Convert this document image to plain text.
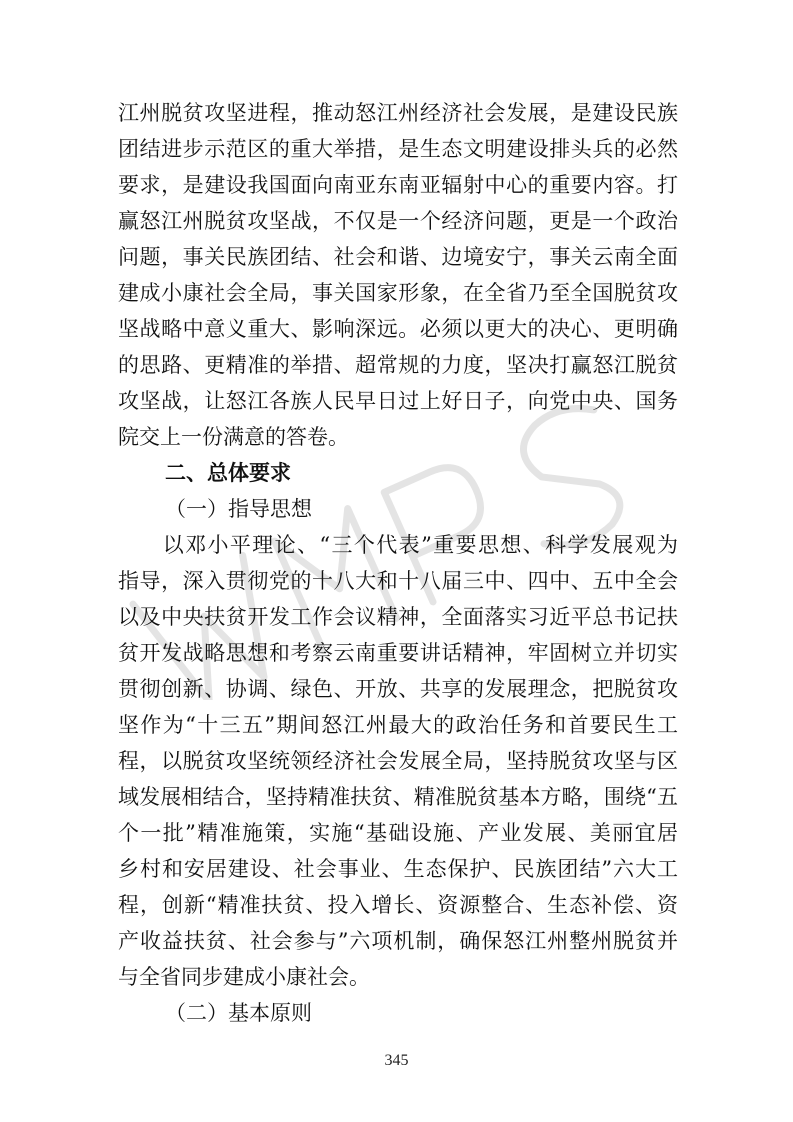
江州脱贫攻坚进程，推动怒江州经济社会发展，是建设民族
团结进步示范区的重大举措，是生态文明建设排头兵的必然
要求，是建设我国面向南亚东南亚辐射中心的重要内容。打
赢怒江州脱贫攻坚战，不仅是一个经济问题，更是一个政治
问题，事关民族团结、社会和谐、边境安宁，事关云南全面
建成小康社会全局，事关国家形象，在全省乃至全国脱贫攻
坚战略中意义重大、影响深远。必须以更大的决心、更明确
的思路、更精准的举措、超常规的力度，坚决打赢怒江脱贫
攻坚战，让怒江各族人民早日过上好日子，向党中央、国务
院交上一份满意的答卷。
二、总体要求
（一）指导思想
　　以邓小平理论、“三个代表”重要思想、科学发展观为
指导，深入贯彻党的十八大和十八届三中、四中、五中全会
以及中央扶贫开发工作会议精神，全面落实习近平总书记扶
贫开发战略思想和考察云南重要讲话精神，牢固树立并切实
贯彻创新、协调、绿色、开放、共享的发展理念，把脱贫攻
坚作为“十三五”期间怒江州最大的政治任务和首要民生工
程，以脱贫攻坚统领经济社会发展全局，坚持脱贫攻坚与区
域发展相结合，坚持精准扶贫、精准脱贫基本方略，围绕“五
个一批”精准施策，实施“基础设施、产业发展、美丽宜居
乡村和安居建设、社会事业、生态保护、民族团结”六大工
程，创新“精准扶贫、投入增长、资源整合、生态补偿、资
产收益扶贫、社会参与”六项机制，确保怒江州整州脱贫并
与全省同步建成小康社会。
（二）基本原则
345
